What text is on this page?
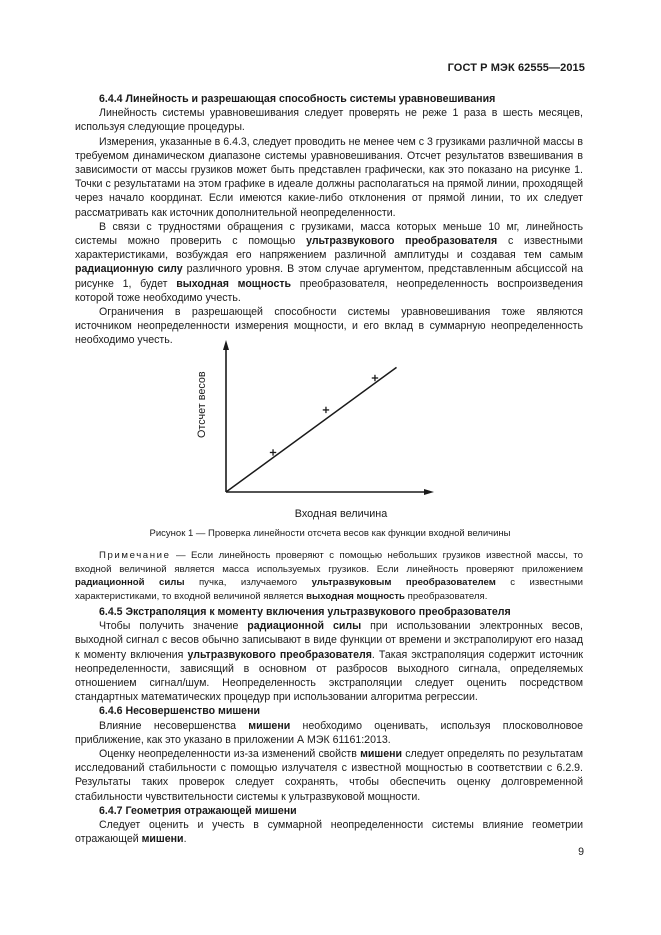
ГОСТ Р МЭК 62555—2015
6.4.4 Линейность и разрешающая способность системы уравновешивания

Линейность системы уравновешивания следует проверять не реже 1 раза в шесть месяцев, используя следующие процедуры.

Измерения, указанные в 6.4.3, следует проводить не менее чем с 3 грузиками различной массы в требуемом динамическом диапазоне системы уравновешивания. Отсчет результатов взвешивания в зависимости от массы грузиков может быть представлен графически, как это показано на рисунке 1. Точки с результатами на этом графике в идеале должны располагаться на прямой линии, проходящей через начало координат. Если имеются какие-либо отклонения от прямой линии, то их следует рассматривать как источник дополнительной неопределенности.

В связи с трудностями обращения с грузиками, масса которых меньше 10 мг, линейность системы можно проверить с помощью ультразвукового преобразователя с известными характеристиками, возбуждая его напряжением различной амплитуды и создавая тем самым радиационную силу различного уровня. В этом случае аргументом, представленным абсциссой на рисунке 1, будет выходная мощность преобразователя, неопределенность воспроизведения которой тоже необходимо учесть.

Ограничения в разрешающей способности системы уравновешивания тоже являются источником неопределенности измерения мощности, и его вклад в суммарную неопределенность необходимо учесть.

Отсчет весов
Входная величина
Рисунок 1 — Проверка линейности отсчета весов как функции входной величины
Примечание — Если линейность проверяют с помощью небольших грузиков известной массы, то входной величиной является масса используемых грузиков. Если линейность проверяют приложением радиационной силы пучка, излучаемого ультразвуковым преобразователем с известными характеристиками, то входной величиной является выходная мощность преобразователя.
6.4.5 Экстраполяция к моменту включения ультразвукового преобразователя

Чтобы получить значение радиационной силы при использовании электронных весов, выходной сигнал с весов обычно записывают в виде функции от времени и экстраполируют его назад к моменту включения ультразвукового преобразователя. Такая экстраполяция содержит источник неопределенности, зависящий в основном от разбросов выходного сигнала, определяемых отношением сигнал/шум. Неопределенность экстраполяции следует оценить посредством стандартных математических процедур при использовании алгоритма регрессии.

6.4.6 Несовершенство мишени

Влияние несовершенства мишени необходимо оценивать, используя плосковолновое приближение, как это указано в приложении А МЭК 61161:2013.

Оценку неопределенности из-за изменений свойств мишени следует определять по результатам исследований стабильности с помощью излучателя с известной мощностью в соответствии с 6.2.9. Результаты таких проверок следует сохранять, чтобы обеспечить оценку долговременной стабильности чувствительности системы к ультразвуковой мощности.

6.4.7 Геометрия отражающей мишени

Следует оценить и учесть в суммарной неопределенности системы влияние геометрии отражающей мишени.

9
